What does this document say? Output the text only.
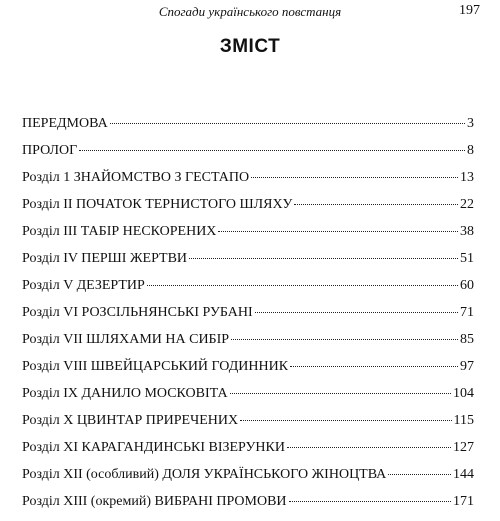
Спогади українського повстанця	197
ЗМІСТ
ПЕРЕДМОВА	3
ПРОЛОГ	8
Розділ 1 ЗНАЙОМСТВО З ГЕСТАПО	13
Розділ II ПОЧАТОК ТЕРНИСТОГО ШЛЯХУ	22
Розділ III ТАБІР НЕСКОРЕНИХ	38
Розділ IV ПЕРШІ ЖЕРТВИ	51
Розділ V ДЕЗЕРТИР	60
Розділ VI РОЗСІЛЬНЯНСЬКІ РУБАНІ	71
Розділ VII ШЛЯХАМИ НА СИБІР	85
Розділ VIII ШВЕЙЦАРСЬКИЙ ГОДИННИК	97
Розділ IX ДАНИЛО МОСКОВІТА	104
Розділ X ЦВИНТАР ПРИРЕЧЕНИХ	115
Розділ XI КАРАГАНДИНСЬКІ ВІЗЕРУНКИ	127
Розділ XII (особливий) ДОЛЯ УКРАЇНСЬКОГО ЖІНОЦТВА	144
Розділ XIII (окремий) ВИБРАНІ ПРОМОВИ	171
